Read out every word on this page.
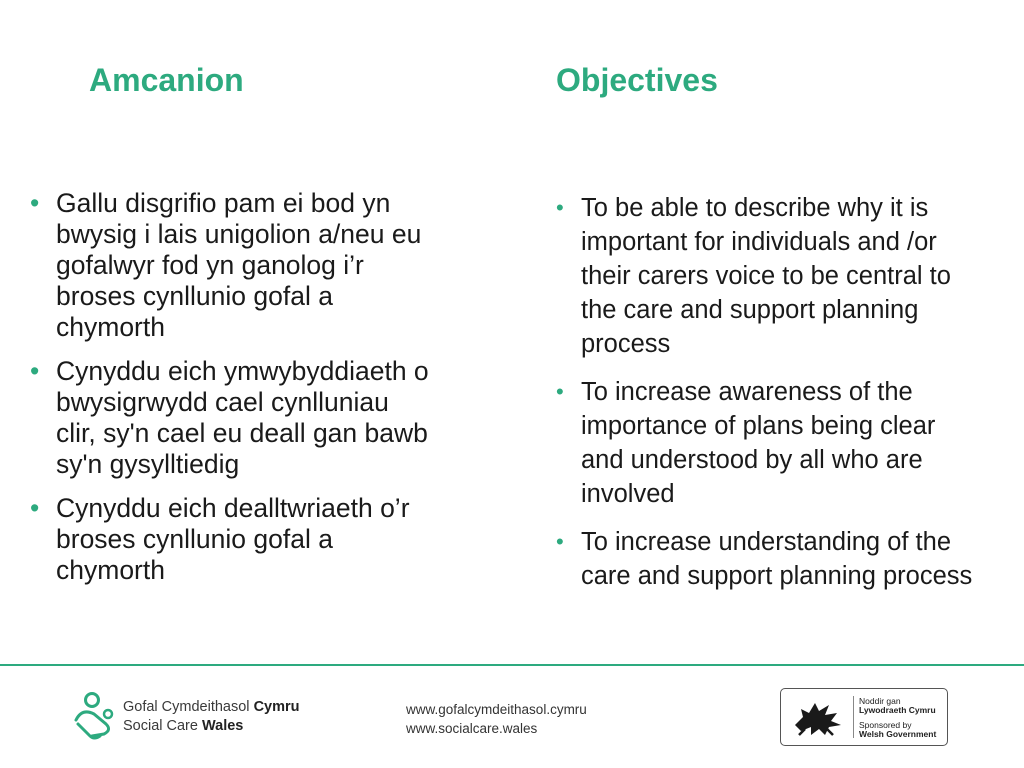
Amcanion	Objectives
• Gallu disgrifio pam ei bod yn bwysig i lais unigolion a/neu eu gofalwyr fod yn ganolog i’r broses cynllunio gofal a chymorth
• Cynyddu eich ymwybyddiaeth o bwysigrwydd cael cynlluniau clir, sy'n cael eu deall gan bawb sy'n gysylltiedig
• Cynyddu eich dealltwriaeth o’r broses cynllunio gofal a chymorth
• To be able to describe why it is important for individuals and /or their carers voice to be central to the care and support planning process
• To increase awareness of the importance of plans being clear and understood by all who are involved
• To increase understanding of the care and support planning process
Gofal Cymdeithasol Cymru
Social Care Wales
www.gofalcymdeithasol.cymru
www.socialcare.wales
Noddir gan
Lywodraeth Cymru
Sponsored by
Welsh Government
